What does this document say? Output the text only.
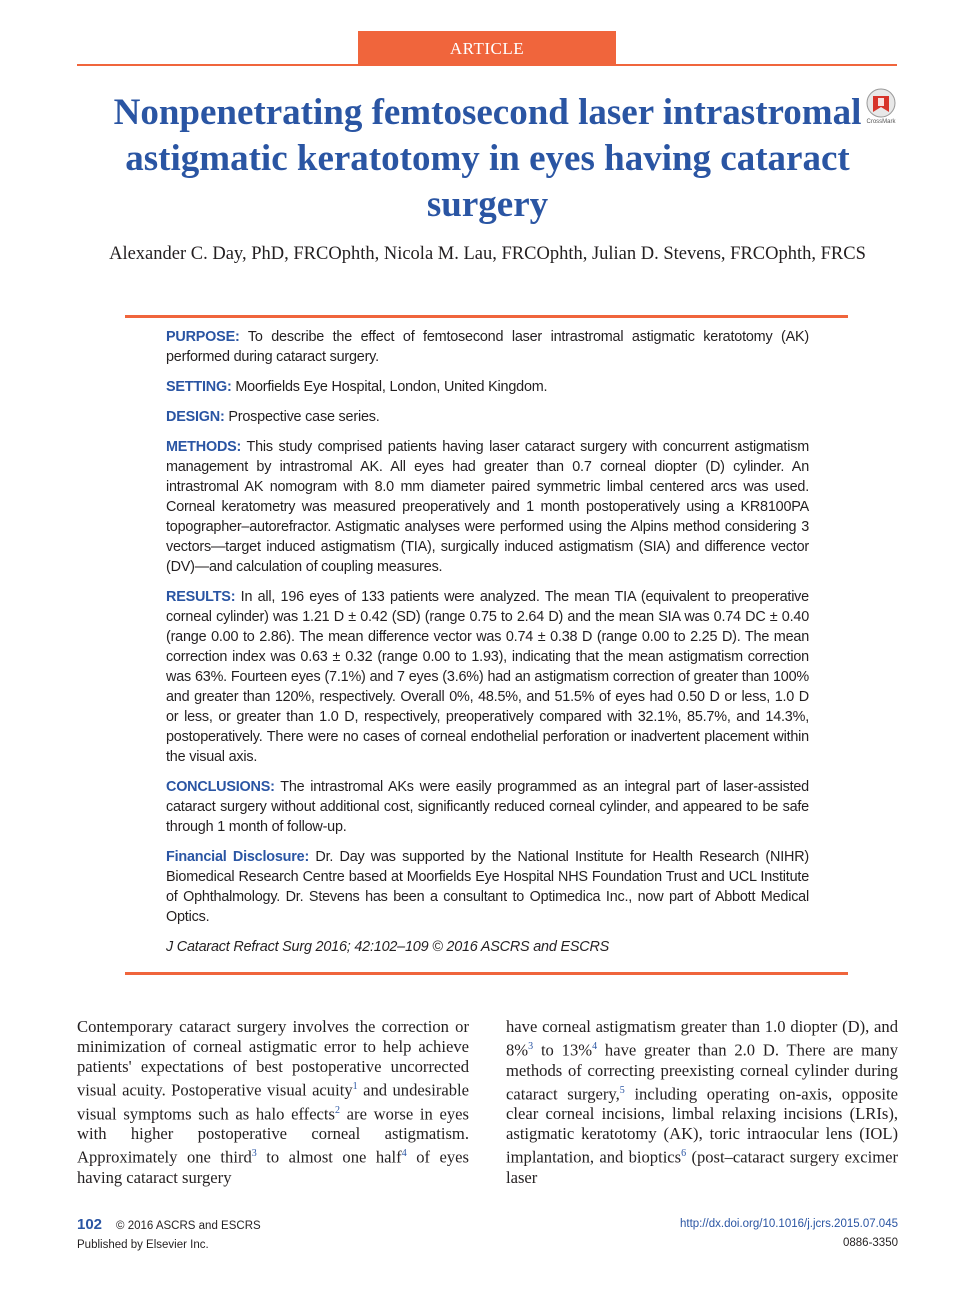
ARTICLE
Nonpenetrating femtosecond laser intrastromal astigmatic keratotomy in eyes having cataract surgery
CrossMark
Alexander C. Day, PhD, FRCOphth, Nicola M. Lau, FRCOphth, Julian D. Stevens, FRCOphth, FRCS

PURPOSE: To describe the effect of femtosecond laser intrastromal astigmatic keratotomy (AK) performed during cataract surgery.

SETTING: Moorfields Eye Hospital, London, United Kingdom.

DESIGN: Prospective case series.

METHODS: This study comprised patients having laser cataract surgery with concurrent astigmatism management by intrastromal AK. All eyes had greater than 0.7 corneal diopter (D) cylinder. An intrastromal AK nomogram with 8.0 mm diameter paired symmetric limbal centered arcs was used. Corneal keratometry was measured preoperatively and 1 month postoperatively using a KR8100PA topographer–autorefractor. Astigmatic analyses were performed using the Alpins method considering 3 vectors—target induced astigmatism (TIA), surgically induced astigmatism (SIA) and difference vector (DV)—and calculation of coupling measures.

RESULTS: In all, 196 eyes of 133 patients were analyzed. The mean TIA (equivalent to preoperative corneal cylinder) was 1.21 D ± 0.42 (SD) (range 0.75 to 2.64 D) and the mean SIA was 0.74 DC ± 0.40 (range 0.00 to 2.86). The mean difference vector was 0.74 ± 0.38 D (range 0.00 to 2.25 D). The mean correction index was 0.63 ± 0.32 (range 0.00 to 1.93), indicating that the mean astigmatism correction was 63%. Fourteen eyes (7.1%) and 7 eyes (3.6%) had an astigmatism correction of greater than 100% and greater than 120%, respectively. Overall 0%, 48.5%, and 51.5% of eyes had 0.50 D or less, 1.0 D or less, or greater than 1.0 D, respectively, preoperatively compared with 32.1%, 85.7%, and 14.3%, postoperatively. There were no cases of corneal endothelial perforation or inadvertent placement within the visual axis.

CONCLUSIONS: The intrastromal AKs were easily programmed as an integral part of laser-assisted cataract surgery without additional cost, significantly reduced corneal cylinder, and appeared to be safe through 1 month of follow-up.

Financial Disclosure: Dr. Day was supported by the National Institute for Health Research (NIHR) Biomedical Research Centre based at Moorfields Eye Hospital NHS Foundation Trust and UCL Institute of Ophthalmology. Dr. Stevens has been a consultant to Optimedica Inc., now part of Abbott Medical Optics.

J Cataract Refract Surg 2016; 42:102–109 © 2016 ASCRS and ESCRS

Contemporary cataract surgery involves the correction or minimization of corneal astigmatic error to help achieve patients' expectations of best postoperative uncorrected visual acuity. Postoperative visual acuity$^1$ and undesirable visual symptoms such as halo effects$^2$ are worse in eyes with higher postoperative corneal astigmatism. Approximately one third$^3$ to almost one half$^4$ of eyes having cataract surgery
have corneal astigmatism greater than 1.0 diopter (D), and 8%$^3$ to 13%$^4$ have greater than 2.0 D. There are many methods of correcting preexisting corneal cylinder during cataract surgery,$^5$ including operating on-axis, opposite clear corneal incisions, limbal relaxing incisions (LRIs), astigmatic keratotomy (AK), toric intraocular lens (IOL) implantation, and bioptics$^6$ (post–cataract surgery excimer laser
102 © 2016 ASCRS and ESCRS
Published by Elsevier Inc.
http://dx.doi.org/10.1016/j.jcrs.2015.07.045
0886-3350
